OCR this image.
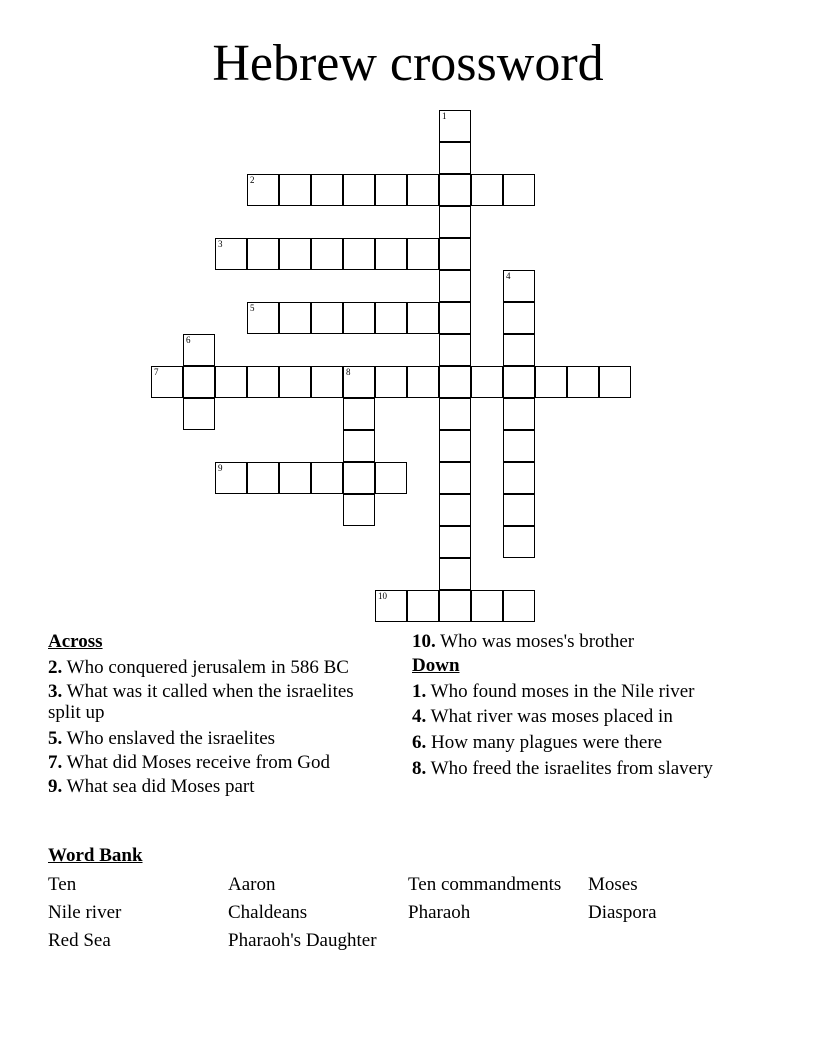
Hebrew crossword
1
2
3
4
5
6
7	8
9
10
Across
2. Who conquered jerusalem in 586 BC
3. What was it called when the israelites split up
5. Who enslaved the israelites
7. What did Moses receive from God
9. What sea did Moses part
10. Who was moses's brother
Down
1. Who found moses in the Nile river
4. What river was moses placed in
6. How many plagues were there
8. Who freed the israelites from slavery
Word Bank
Ten	Aaron	Ten commandments Moses
Nile river	Chaldeans	Pharaoh	Diaspora
Red Sea	Pharaoh's Daughter
